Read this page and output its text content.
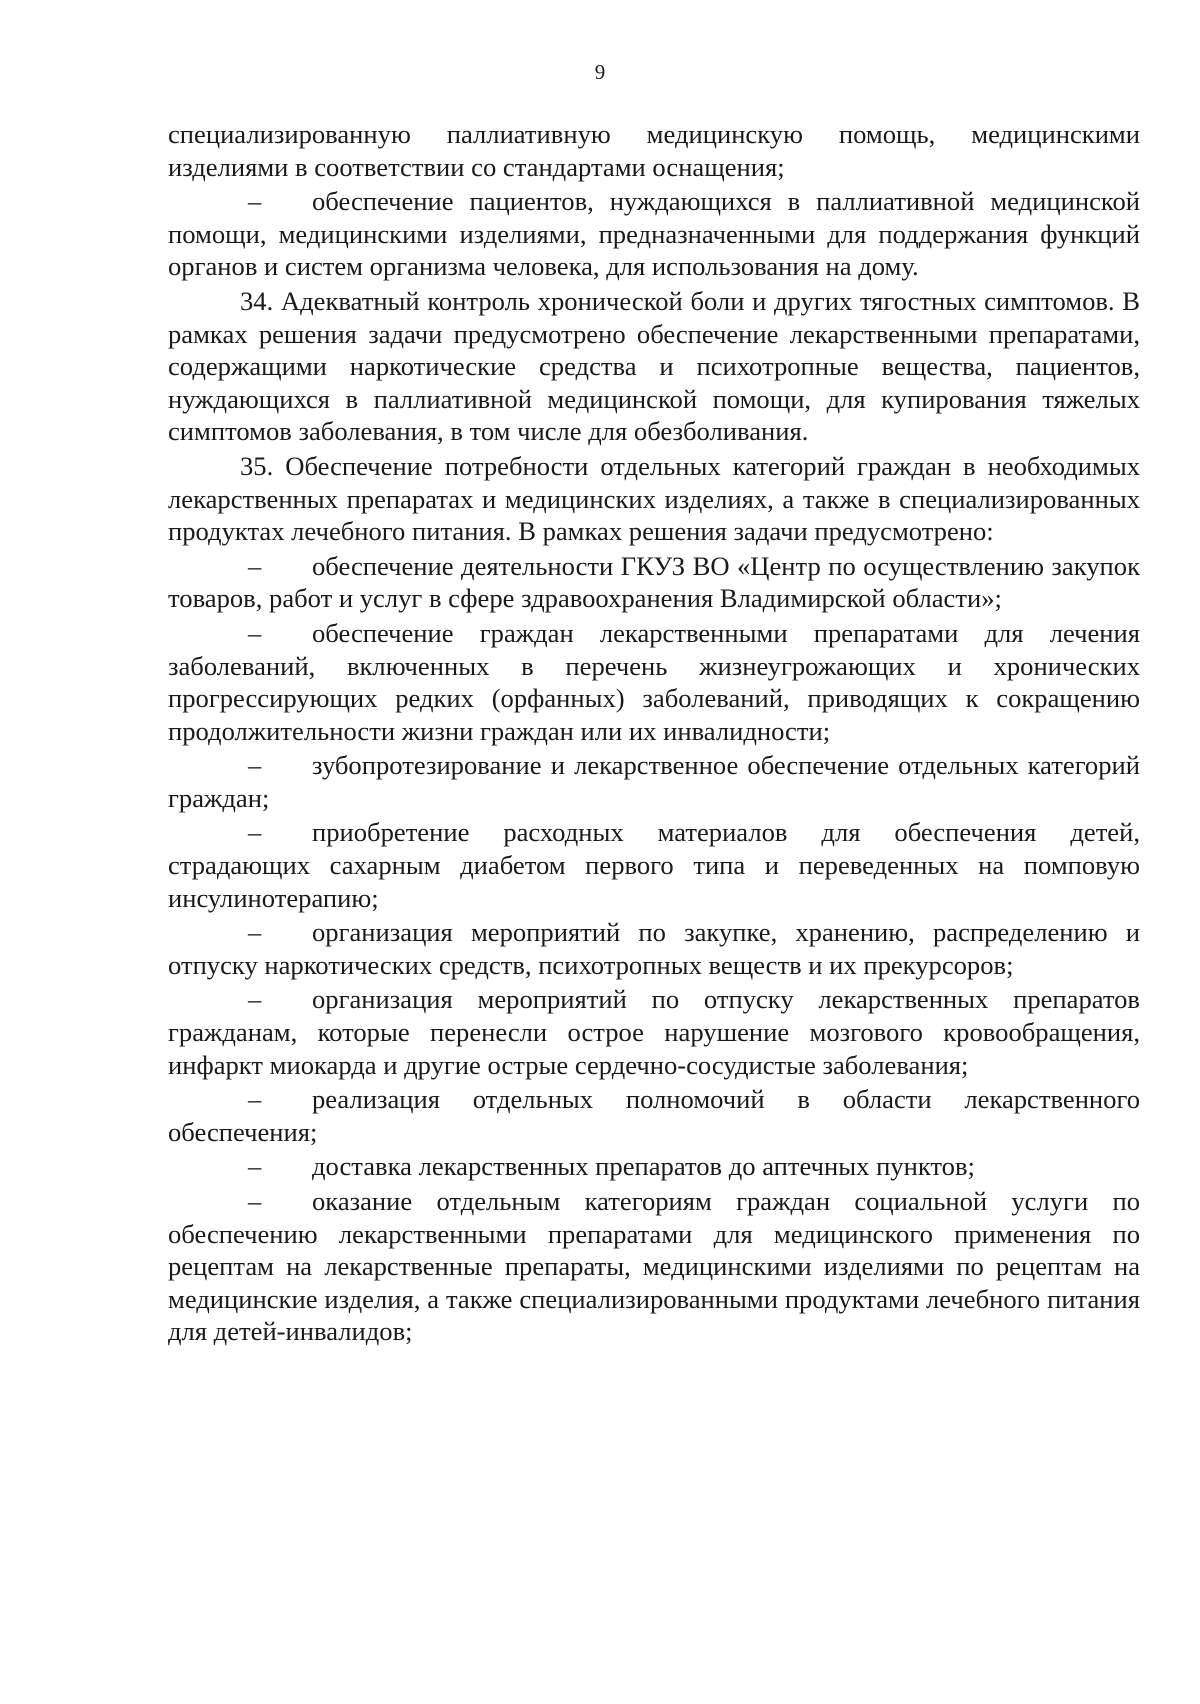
9

специализированную паллиативную медицинскую помощь, медицинскими изделиями в соответствии со стандартами оснащения;

– обеспечение пациентов, нуждающихся в паллиативной медицинской помощи, медицинскими изделиями, предназначенными для поддержания функций органов и систем организма человека, для использования на дому.

34. Адекватный контроль хронической боли и других тягостных симптомов. В рамках решения задачи предусмотрено обеспечение лекарственными препаратами, содержащими наркотические средства и психотропные вещества, пациентов, нуждающихся в паллиативной медицинской помощи, для купирования тяжелых симптомов заболевания, в том числе для обезболивания.

35. Обеспечение потребности отдельных категорий граждан в необходимых лекарственных препаратах и медицинских изделиях, а также в специализированных продуктах лечебного питания. В рамках решения задачи предусмотрено:

– обеспечение деятельности ГКУЗ ВО «Центр по осуществлению закупок товаров, работ и услуг в сфере здравоохранения Владимирской области»;

– обеспечение граждан лекарственными препаратами для лечения заболеваний, включенных в перечень жизнеугрожающих и хронических прогрессирующих редких (орфанных) заболеваний, приводящих к сокращению продолжительности жизни граждан или их инвалидности;

– зубопротезирование и лекарственное обеспечение отдельных категорий граждан;

– приобретение расходных материалов для обеспечения детей, страдающих сахарным диабетом первого типа и переведенных на помповую инсулинотерапию;

– организация мероприятий по закупке, хранению, распределению и отпуску наркотических средств, психотропных веществ и их прекурсоров;

– организация мероприятий по отпуску лекарственных препаратов гражданам, которые перенесли острое нарушение мозгового кровообращения, инфаркт миокарда и другие острые сердечно-сосудистые заболевания;

– реализация отдельных полномочий в области лекарственного обеспечения;

– доставка лекарственных препаратов до аптечных пунктов;

– оказание отдельным категориям граждан социальной услуги по обеспечению лекарственными препаратами для медицинского применения по рецептам на лекарственные препараты, медицинскими изделиями по рецептам на медицинские изделия, а также специализированными продуктами лечебного питания для детей-инвалидов;
